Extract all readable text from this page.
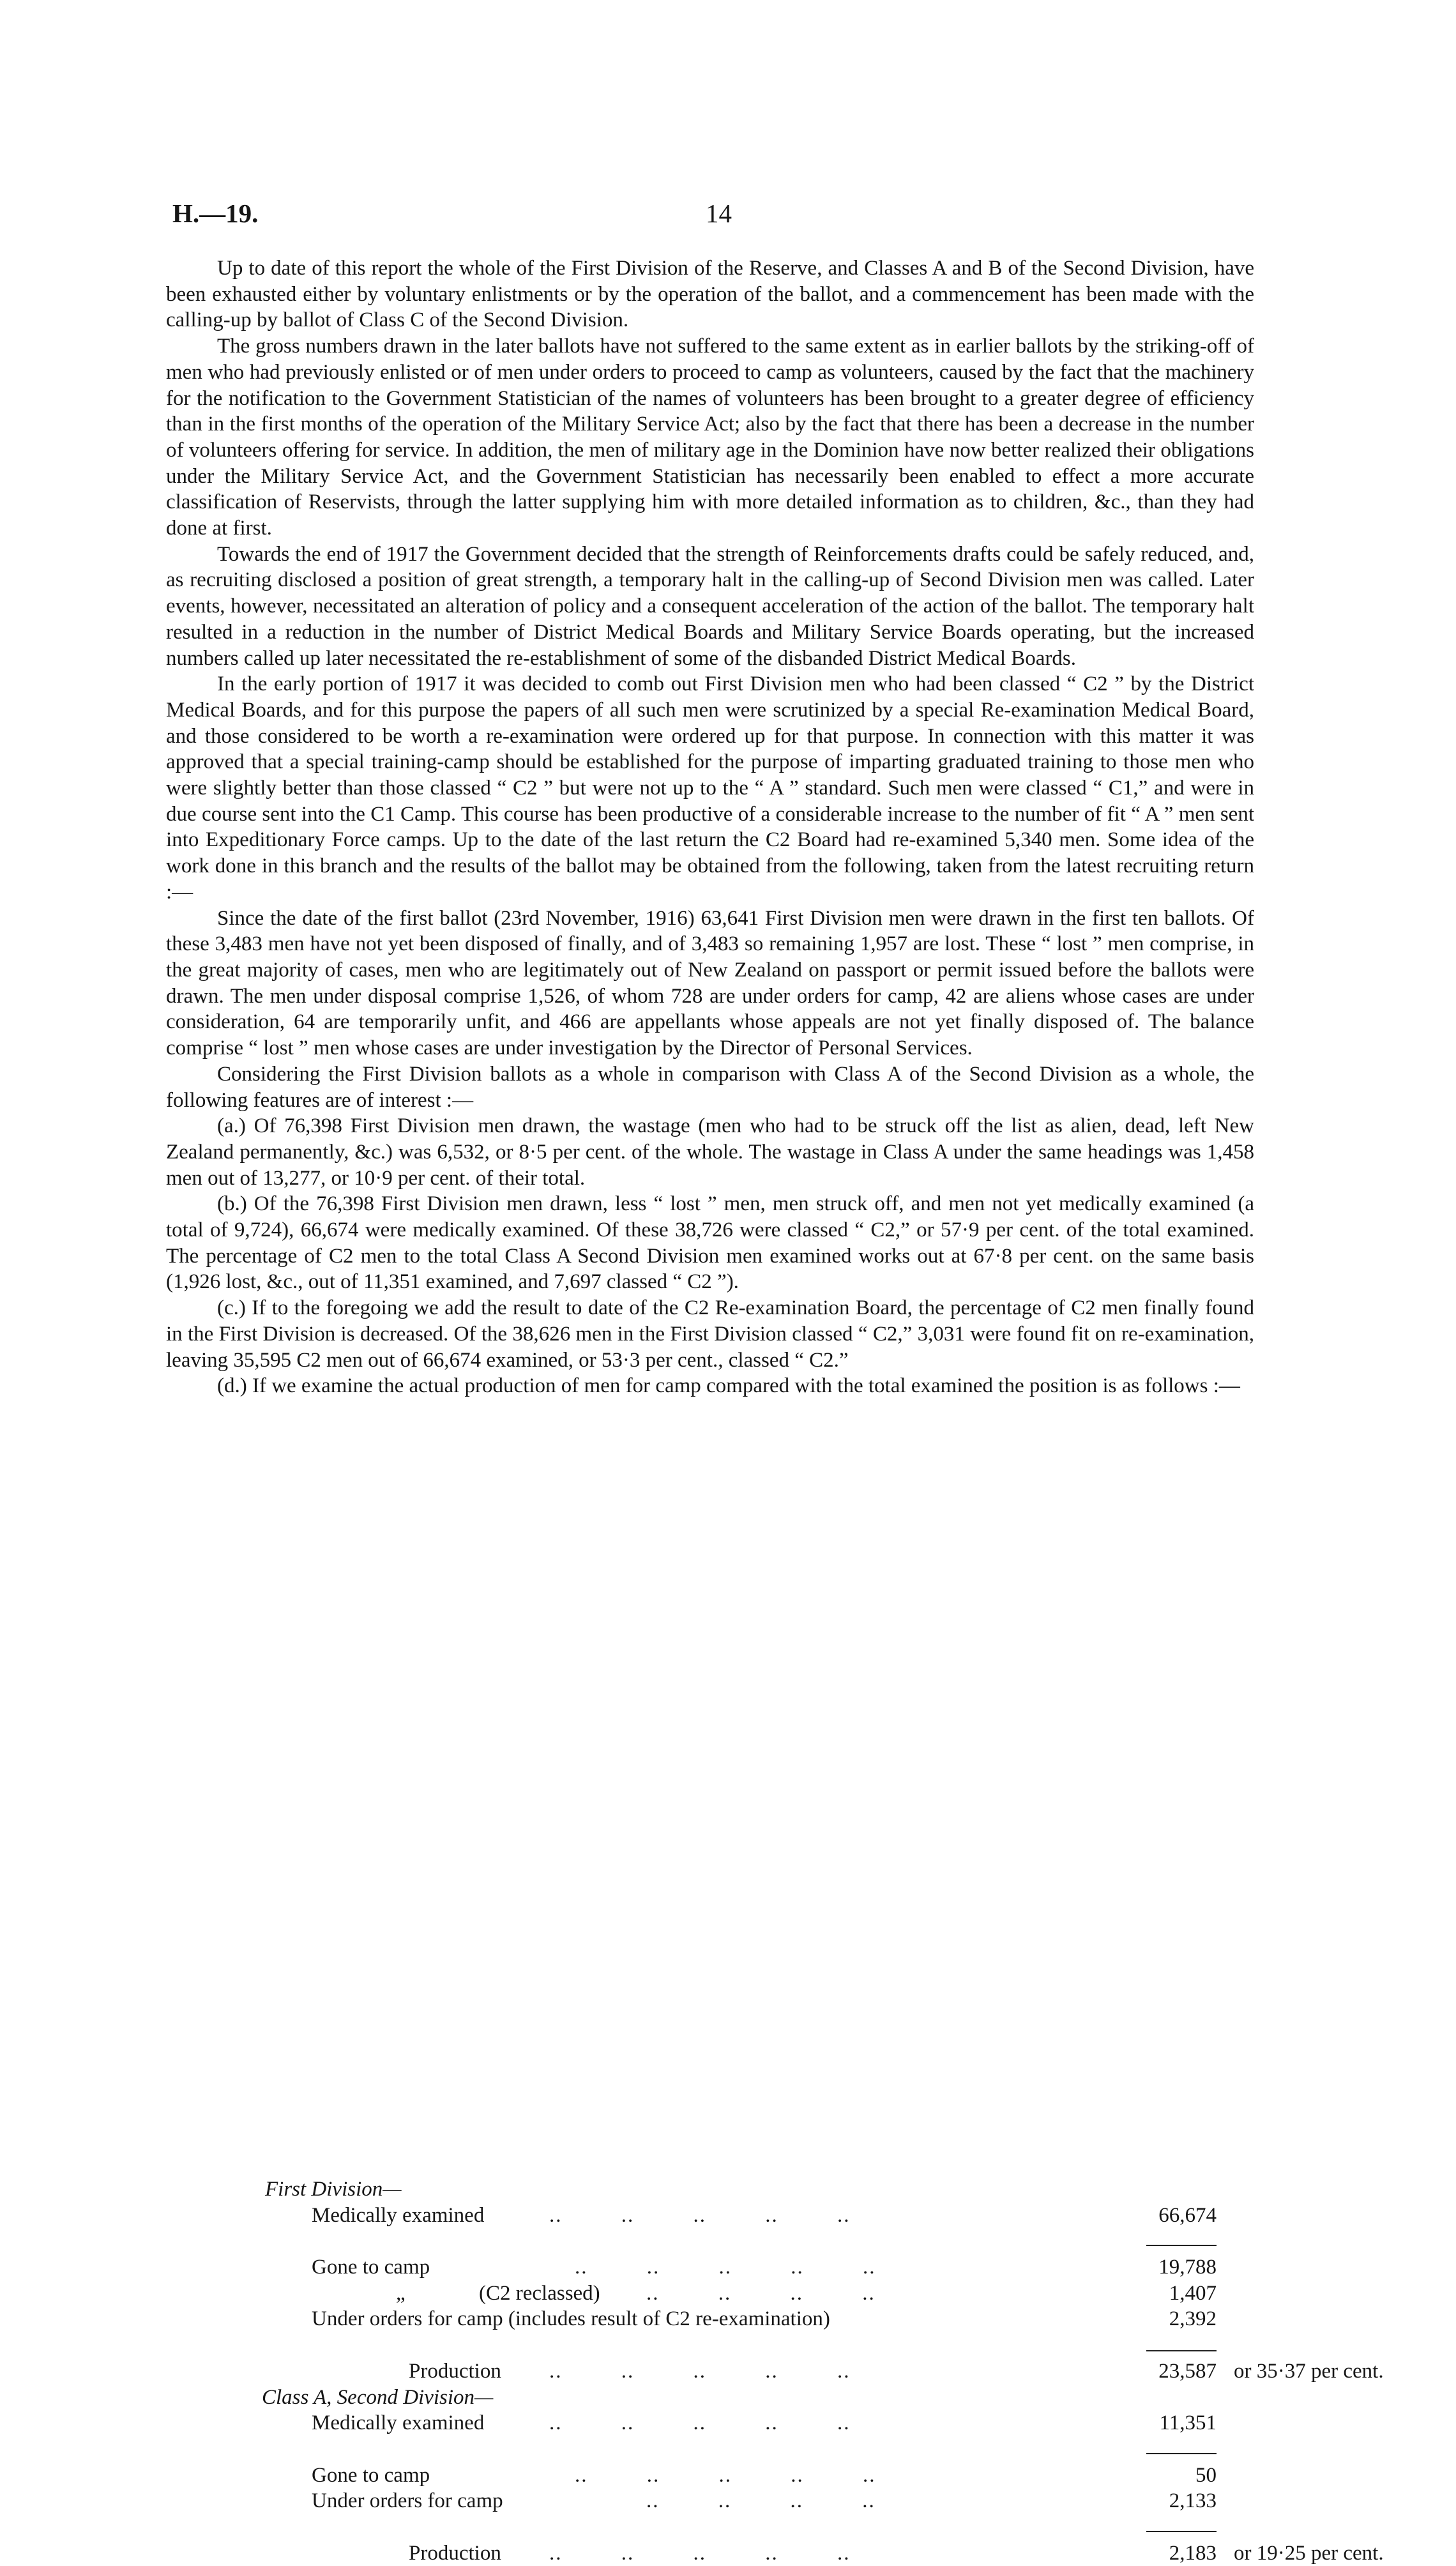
H.—19.	14

Up to date of this report the whole of the First Division of the Reserve, and Classes A and B of the Second Division, have been exhausted either by voluntary enlistments or by the operation of the ballot, and a commencement has been made with the calling-up by ballot of Class C of the Second Division.

The gross numbers drawn in the later ballots have not suffered to the same extent as in earlier ballots by the striking-off of men who had previously enlisted or of men under orders to proceed to camp as volunteers, caused by the fact that the machinery for the notification to the Government Statistician of the names of volunteers has been brought to a greater degree of efficiency than in the first months of the operation of the Military Service Act; also by the fact that there has been a decrease in the number of volunteers offering for service. In addition, the men of military age in the Dominion have now better realized their obligations under the Military Service Act, and the Government Statistician has necessarily been enabled to effect a more accurate classification of Reservists, through the latter supplying him with more detailed information as to children, &c., than they had done at first.

Towards the end of 1917 the Government decided that the strength of Reinforcements drafts could be safely reduced, and, as recruiting disclosed a position of great strength, a temporary halt in the calling-up of Second Division men was called. Later events, however, necessitated an alteration of policy and a consequent acceleration of the action of the ballot. The temporary halt resulted in a reduction in the number of District Medical Boards and Military Service Boards operating, but the increased numbers called up later necessitated the re-establishment of some of the disbanded District Medical Boards.

In the early portion of 1917 it was decided to comb out First Division men who had been classed “ C2 ” by the District Medical Boards, and for this purpose the papers of all such men were scrutinized by a special Re-examination Medical Board, and those considered to be worth a re-examination were ordered up for that purpose. In connection with this matter it was approved that a special training-camp should be established for the purpose of imparting graduated training to those men who were slightly better than those classed “ C2 ” but were not up to the “ A ” standard. Such men were classed “ C1,” and were in due course sent into the C1 Camp. This course has been productive of a considerable increase to the number of fit “ A ” men sent into Expeditionary Force camps. Up to the date of the last return the C2 Board had re-examined 5,340 men. Some idea of the work done in this branch and the results of the ballot may be obtained from the following, taken from the latest recruiting return :—

Since the date of the first ballot (23rd November, 1916) 63,641 First Division men were drawn in the first ten ballots. Of these 3,483 men have not yet been disposed of finally, and of 3,483 so remaining 1,957 are lost. These “ lost ” men comprise, in the great majority of cases, men who are legitimately out of New Zealand on passport or permit issued before the ballots were drawn. The men under disposal comprise 1,526, of whom 728 are under orders for camp, 42 are aliens whose cases are under consideration, 64 are temporarily unfit, and 466 are appellants whose appeals are not yet finally disposed of. The balance comprise “ lost ” men whose cases are under investigation by the Director of Personal Services.

Considering the First Division ballots as a whole in comparison with Class A of the Second Division as a whole, the following features are of interest :—

(a.) Of 76,398 First Division men drawn, the wastage (men who had to be struck off the list as alien, dead, left New Zealand permanently, &c.) was 6,532, or 8·5 per cent. of the whole. The wastage in Class A under the same headings was 1,458 men out of 13,277, or 10·9 per cent. of their total.

(b.) Of the 76,398 First Division men drawn, less “ lost ” men, men struck off, and men not yet medically examined (a total of 9,724), 66,674 were medically examined. Of these 38,726 were classed “ C2,” or 57·9 per cent. of the total examined. The percentage of C2 men to the total Class A Second Division men examined works out at 67·8 per cent. on the same basis (1,926 lost, &c., out of 11,351 examined, and 7,697 classed “ C2 ”).

(c.) If to the foregoing we add the result to date of the C2 Re-examination Board, the percentage of C2 men finally found in the First Division is decreased. Of the 38,626 men in the First Division classed “ C2,” 3,031 were found fit on re-examination, leaving 35,595 C2 men out of 66,674 examined, or 53·3 per cent., classed “ C2.”

(d.) If we examine the actual production of men for camp compared with the total examined the position is as follows :—

First Division—
Medically examined	..         ..         ..         ..         ..	66,674
Gone to camp	..         ..         ..         ..         ..	19,788
„	(C2 reclassed) ..         ..         ..         ..	1,407
Under orders for camp (includes result of C2 re-examination)	2,392
Production ..         ..         ..         ..         ..	23,587 or 35·37 per cent.
Class A, Second Division—
Medically examined	..         ..         ..         ..         ..	11,351
Gone to camp	..         ..         ..         ..         ..	50
Under orders for camp	..         ..         ..         ..	2,133
Production ..         ..         ..         ..         ..	2,183 or 19·25 per cent.
